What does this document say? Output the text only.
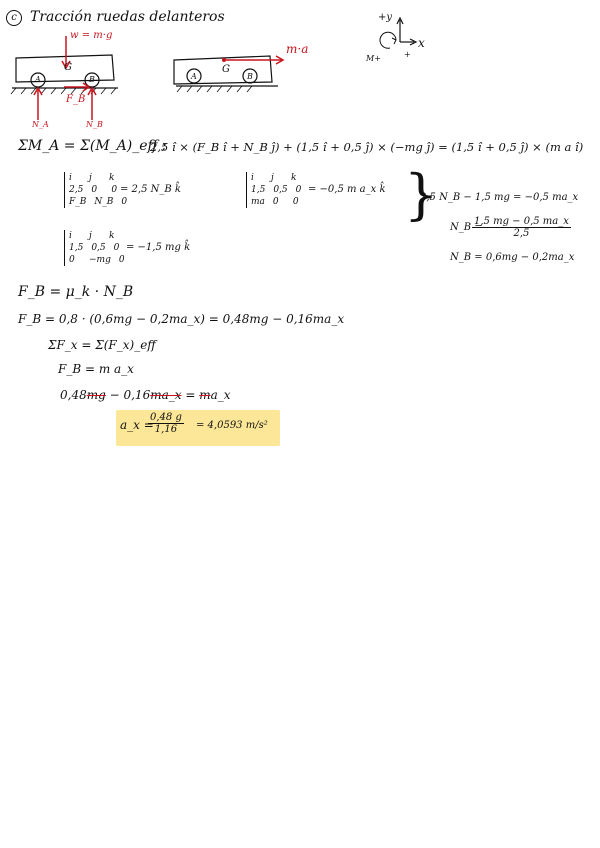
c Tracción ruedas delanteros
w = m·g
G
A	B
F_B
N_A	N_B
m·a
G
A	B
+y
x
M+	+
ΣM_A = Σ(M_A)_eff :
2,5 î × (F_B î + N_B ĵ) + (1,5 î + 0,5 ĵ) × (−mg ĵ) = (1,5 î + 0,5 ĵ) × (m a î)
i	j	k
2,5 0	0
F_B N_B 0
= 2,5 N_B k̂
i	j	k
1,5 0,5 0
0	−mg 0
= −1,5 mg k̂
i	j	k
1,5 0,5 0
ma 0	0
= −0,5 m a_x k̂ }
2,5 N_B − 1,5 mg = −0,5 ma_x
N_B =
$\frac{1,5 mg - 0,5 ma\_x}{2,5}$
N_B = 0,6mg − 0,2ma_x
F_B = μ_k · N_B
F_B = 0,8 · (0,6mg − 0,2ma_x) = 0,48mg − 0,16ma_x
ΣF_x = Σ(F_x)_eff
F_B = m a_x
0,48mg − 0,16ma_x = ma_x
a_x =
$\frac{0,48 g}{1,16} = 4,0593$ m/s²
